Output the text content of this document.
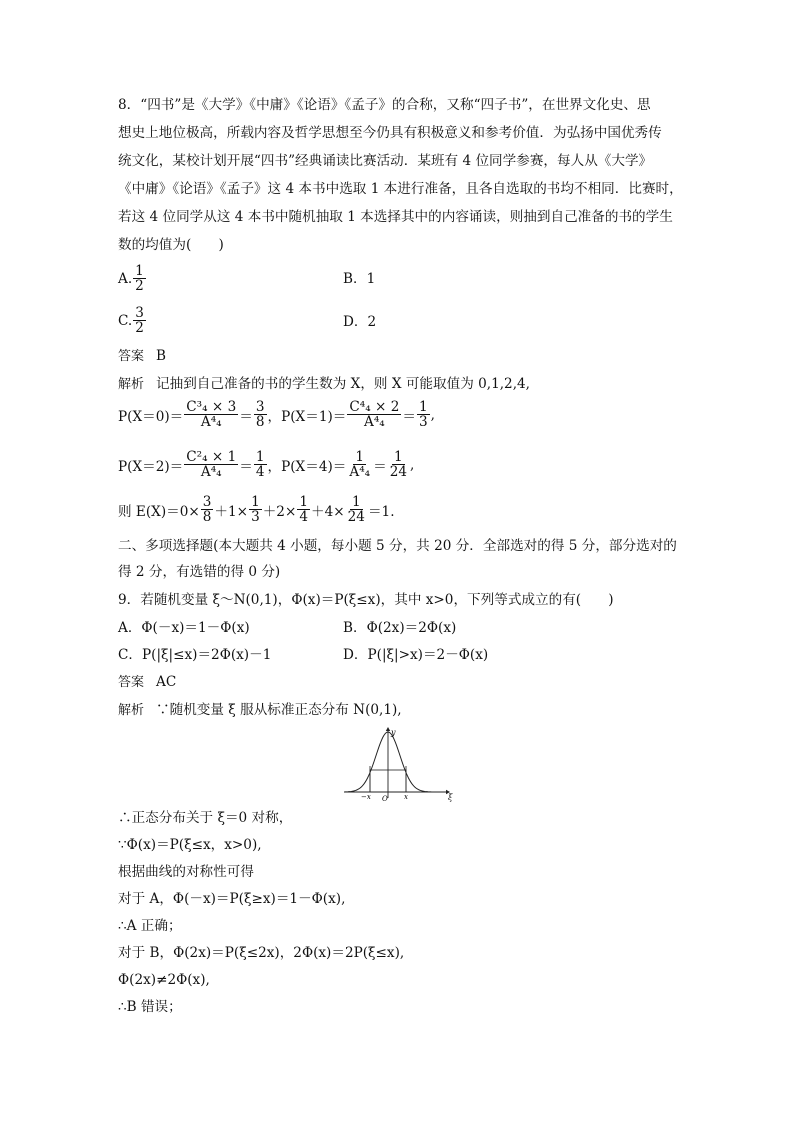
8．“四书”是《大学》《中庸》《论语》《孟子》的合称，又称“四子书”，在世界文化史、思
想史上地位极高，所载内容及哲学思想至今仍具有积极意义和参考价值．为弘扬中国优秀传
统文化，某校计划开展“四书”经典诵读比赛活动．某班有 4 位同学参赛，每人从《大学》
《中庸》《论语》《孟子》这 4 本书中选取 1 本进行准备，且各自选取的书均不相同．比赛时，
若这 4 位同学从这 4 本书中随机抽取 1 本选择其中的内容诵读，则抽到自己准备的书的学生
数的均值为(　　)
A. $\frac{1}{2}$	B．1
C. $\frac{3}{2}$	D．2
答案 B
解析 记抽到自己准备的书的学生数为 X，则 X 可能取值为 0,1,2,4,
$P(X=0)= \frac{\text{C³₄ × 3}}{\text{A⁴₄}} = \frac{3}{8}$ ， $P(X=1)= \frac{\text{C⁴₄ × 2}}{\text{A⁴₄}} = \frac{1}{3}$ ,
$P(X=2)= \frac{\text{C²₄ × 1}}{\text{A⁴₄}} = \frac{1}{4}$ ， $P(X=4)= \frac{1}{\text{A⁴₄}} = \frac{1}{24}$ ,
则 $E(X)=0\times \frac{3}{8} +1\times \frac{1}{3} +2\times \frac{1}{4} +4\times \frac{1}{24} =1$.
二、多项选择题(本大题共 4 小题，每小题 5 分，共 20 分．全部选对的得 5 分，部分选对的
得 2 分，有选错的得 0 分)
9．若随机变量 ξ～N(0,1)，Φ(x)＝P(ξ≤x)，其中 x>0，下列等式成立的有(　　)
A．Φ(－x)＝1－Φ(x)	B．Φ(2x)＝2Φ(x)
C．P(|ξ|≤x)＝2Φ(x)－1	D．P(|ξ|>x)＝2－Φ(x)
答案 AC
解析 ∵随机变量 ξ 服从标准正态分布 N(0,1),
y
ξ
−x O x
∴正态分布关于 ξ＝0 对称，
∵Φ(x)＝P(ξ≤x，x>0),
根据曲线的对称性可得
对于 A，Φ(－x)＝P(ξ≥x)＝1－Φ(x),
∴A 正确；
对于 B，Φ(2x)＝P(ξ≤2x)，2Φ(x)＝2P(ξ≤x),
Φ(2x)≠2Φ(x),
∴B 错误；
